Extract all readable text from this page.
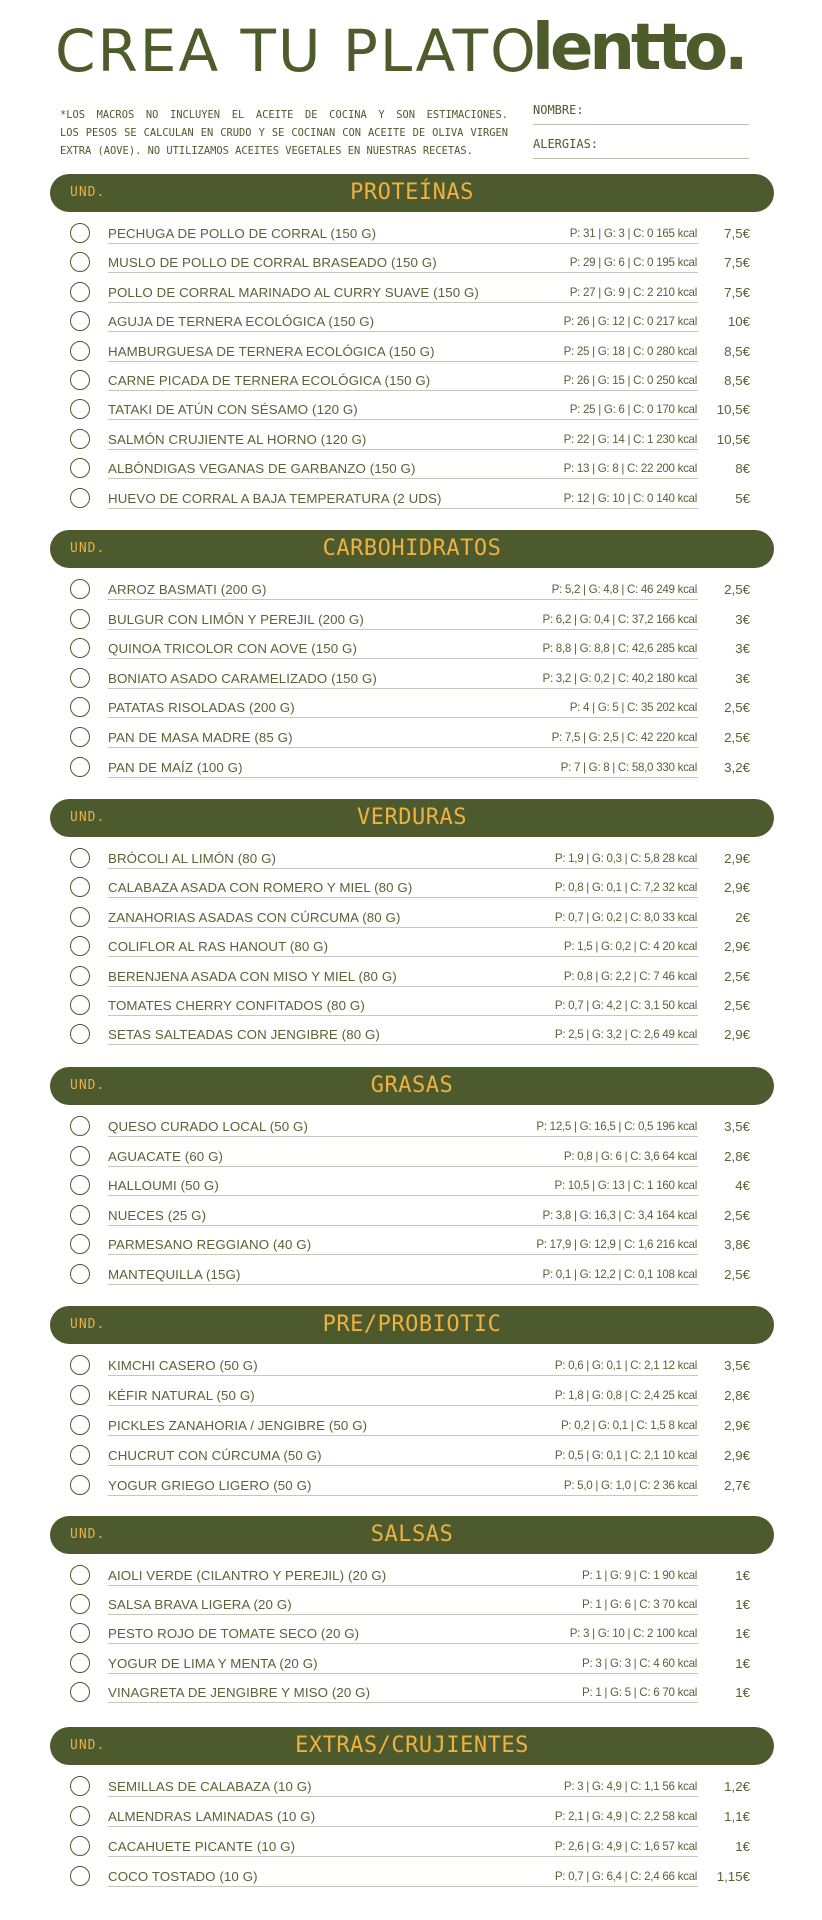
CREA TU PLATO
lentto.
*LOS MACROS NO INCLUYEN EL ACEITE DE COCINA Y SON ESTIMACIONES.
LOS PESOS SE CALCULAN EN CRUDO Y SE COCINAN CON ACEITE DE OLIVA VIRGEN
EXTRA (AOVE). NO UTILIZAMOS ACEITES VEGETALES EN NUESTRAS RECETAS.
NOMBRE:
ALERGIAS:
UND.	PROTEÍNAS
PECHUGA DE POLLO DE CORRAL (150 G)	P: 31 | G: 3 | C: 0 165 kcal	7,5€
MUSLO DE POLLO DE CORRAL BRASEADO (150 G)	P: 29 | G: 6 | C: 0 195 kcal	7,5€
POLLO DE CORRAL MARINADO AL CURRY SUAVE (150 G)	P: 27 | G: 9 | C: 2 210 kcal	7,5€
AGUJA DE TERNERA ECOLÓGICA (150 G)	P: 26 | G: 12 | C: 0 217 kcal	10€
HAMBURGUESA DE TERNERA ECOLÓGICA (150 G)	P: 25 | G: 18 | C: 0 280 kcal	8,5€
CARNE PICADA DE TERNERA ECOLÓGICA (150 G)	P: 26 | G: 15 | C: 0 250 kcal	8,5€
TATAKI DE ATÚN CON SÉSAMO (120 G)	P: 25 | G: 6 | C: 0 170 kcal	10,5€
SALMÓN CRUJIENTE AL HORNO (120 G)	P: 22 | G: 14 | C: 1 230 kcal	10,5€
ALBÓNDIGAS VEGANAS DE GARBANZO (150 G)	P: 13 | G: 8 | C: 22 200 kcal	8€
HUEVO DE CORRAL A BAJA TEMPERATURA (2 UDS)	P: 12 | G: 10 | C: 0 140 kcal	5€
UND.	CARBOHIDRATOS
ARROZ BASMATI (200 G)	P: 5,2 | G: 4,8 | C: 46 249 kcal	2,5€
BULGUR CON LIMÓN Y PEREJIL (200 G)	P: 6,2 | G: 0,4 | C: 37,2 166 kcal	3€
QUINOA TRICOLOR CON AOVE (150 G)	P: 8,8 | G: 8,8 | C: 42,6 285 kcal	3€
BONIATO ASADO CARAMELIZADO (150 G)	P: 3,2 | G: 0,2 | C: 40,2 180 kcal	3€
PATATAS RISOLADAS (200 G)	P: 4 | G: 5 | C: 35 202 kcal	2,5€
PAN DE MASA MADRE (85 G)	P: 7,5 | G: 2,5 | C: 42 220 kcal	2,5€
PAN DE MAÍZ (100 G)	P: 7 | G: 8 | C: 58,0 330 kcal	3,2€
UND.	VERDURAS
BRÓCOLI AL LIMÓN (80 G)	P: 1,9 | G: 0,3 | C: 5,8 28 kcal	2,9€
CALABAZA ASADA CON ROMERO Y MIEL (80 G)	P: 0,8 | G: 0,1 | C: 7,2 32 kcal	2,9€
ZANAHORIAS ASADAS CON CÚRCUMA (80 G)	P: 0,7 | G: 0,2 | C: 8,0 33 kcal	2€
COLIFLOR AL RAS HANOUT (80 G)	P: 1,5 | G: 0,2 | C: 4 20 kcal	2,9€
BERENJENA ASADA CON MISO Y MIEL (80 G)	P: 0,8 | G: 2,2 | C: 7 46 kcal	2,5€
TOMATES CHERRY CONFITADOS (80 G)	P: 0,7 | G: 4,2 | C: 3,1 50 kcal	2,5€
SETAS SALTEADAS CON JENGIBRE (80 G)	P: 2,5 | G: 3,2 | C: 2,6 49 kcal	2,9€
UND.	GRASAS
QUESO CURADO LOCAL (50 G)	P: 12,5 | G: 16,5 | C: 0,5 196 kcal	3,5€
AGUACATE (60 G)	P: 0,8 | G: 6 | C: 3,6 64 kcal	2,8€
HALLOUMI (50 G)	P: 10,5 | G: 13 | C: 1 160 kcal	4€
NUECES (25 G)	P: 3,8 | G: 16,3 | C: 3,4 164 kcal	2,5€
PARMESANO REGGIANO (40 G)	P: 17,9 | G: 12,9 | C: 1,6 216 kcal	3,8€
MANTEQUILLA (15G)	P: 0,1 | G: 12,2 | C: 0,1 108 kcal	2,5€
UND.	PRE/PROBIOTIC
KIMCHI CASERO (50 G)	P: 0,6 | G: 0,1 | C: 2,1 12 kcal	3,5€
KÉFIR NATURAL (50 G)	P: 1,8 | G: 0,8 | C: 2,4 25 kcal	2,8€
PICKLES ZANAHORIA / JENGIBRE (50 G)	P: 0,2 | G: 0,1 | C: 1,5 8 kcal	2,9€
CHUCRUT CON CÚRCUMA (50 G)	P: 0,5 | G: 0,1 | C: 2,1 10 kcal	2,9€
YOGUR GRIEGO LIGERO (50 G)	P: 5,0 | G: 1,0 | C: 2 36 kcal	2,7€
UND.	SALSAS
AIOLI VERDE (CILANTRO Y PEREJIL) (20 G)	P: 1 | G: 9 | C: 1 90 kcal	1€
SALSA BRAVA LIGERA (20 G)	P: 1 | G: 6 | C: 3 70 kcal	1€
PESTO ROJO DE TOMATE SECO (20 G)	P: 3 | G: 10 | C: 2 100 kcal	1€
YOGUR DE LIMA Y MENTA (20 G)	P: 3 | G: 3 | C: 4 60 kcal	1€
VINAGRETA DE JENGIBRE Y MISO (20 G)	P: 1 | G: 5 | C: 6 70 kcal	1€
UND.	EXTRAS/CRUJIENTES
SEMILLAS DE CALABAZA (10 G)	P: 3 | G: 4,9 | C: 1,1 56 kcal	1,2€
ALMENDRAS LAMINADAS (10 G)	P: 2,1 | G: 4,9 | C: 2,2 58 kcal	1,1€
CACAHUETE PICANTE (10 G)	P: 2,6 | G: 4,9 | C: 1,6 57 kcal	1€
COCO TOSTADO (10 G)	P: 0,7 | G: 6,4 | C: 2,4 66 kcal	1,15€
